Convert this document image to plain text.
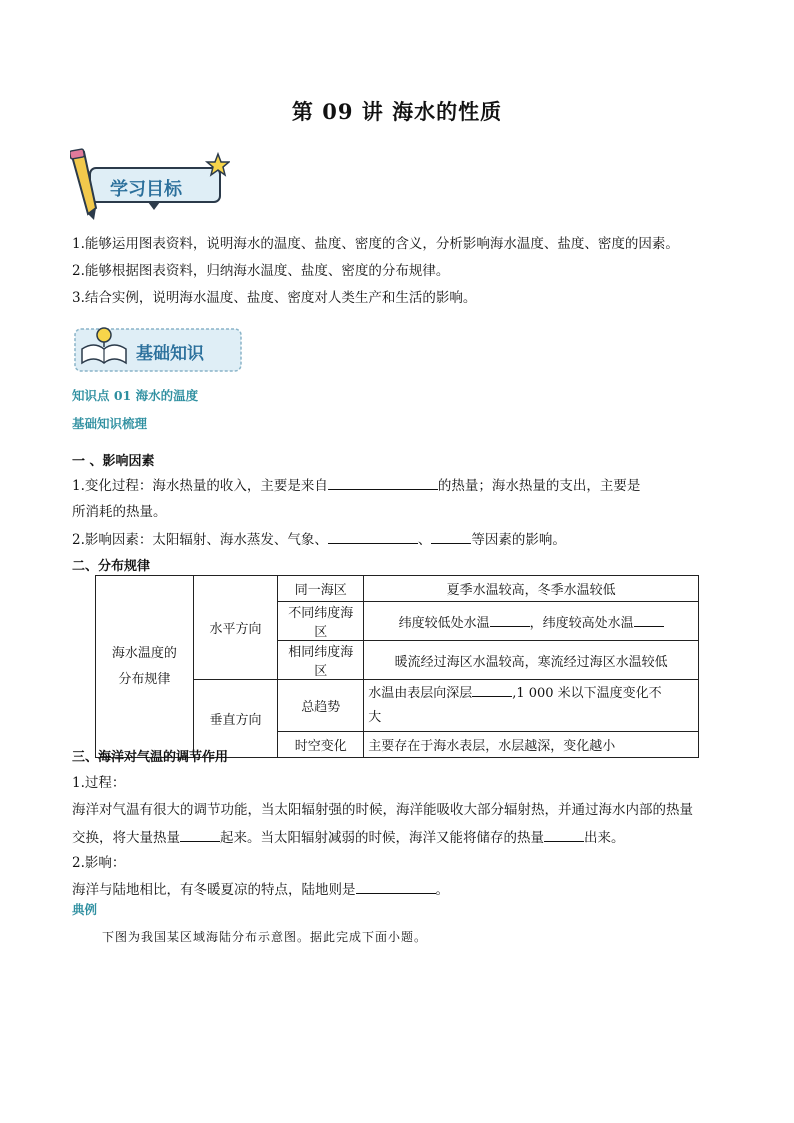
第 09 讲 海水的性质
学习目标
1.能够运用图表资料，说明海水的温度、盐度、密度的含义，分析影响海水温度、盐度、密度的因素。
2.能够根据图表资料，归纳海水温度、盐度、密度的分布规律。
3.结合实例，说明海水温度、盐度、密度对人类生产和生活的影响。
基础知识
知识点 01 海水的温度
基础知识梳理
一 、影响因素
1.变化过程：海水热量的收入，主要是来自	的热量；海水热量的支出，主要是
所消耗的热量。
2.影响因素：太阳辐射、海水蒸发、气象、	、	等因素的影响。
二、分布规律
海水温度的
分布规律	水平方向	同一海区	夏季水温较高，冬季水温较低
		不同纬度海区	纬度较低处水温 ，纬度较高处水温
		相同纬度海区	暖流经过海区水温较高，寒流经过海区水温较低
	垂直方向	总趋势	水温由表层向深层 ,1 000 米以下温度变化不
大
		时空变化	主要存在于海水表层，水层越深，变化越小
三、海洋对气温的调节作用
1.过程：
海洋对气温有很大的调节功能，当太阳辐射强的时候，海洋能吸收大部分辐射热，并通过海水内部的热量
交换，将大量热量	起来。当太阳辐射减弱的时候，海洋又能将储存的热量	出来。
2.影响：
海洋与陆地相比，有冬暖夏凉的特点，陆地则是	。
典例
下图为我国某区域海陆分布示意图。据此完成下面小题。
